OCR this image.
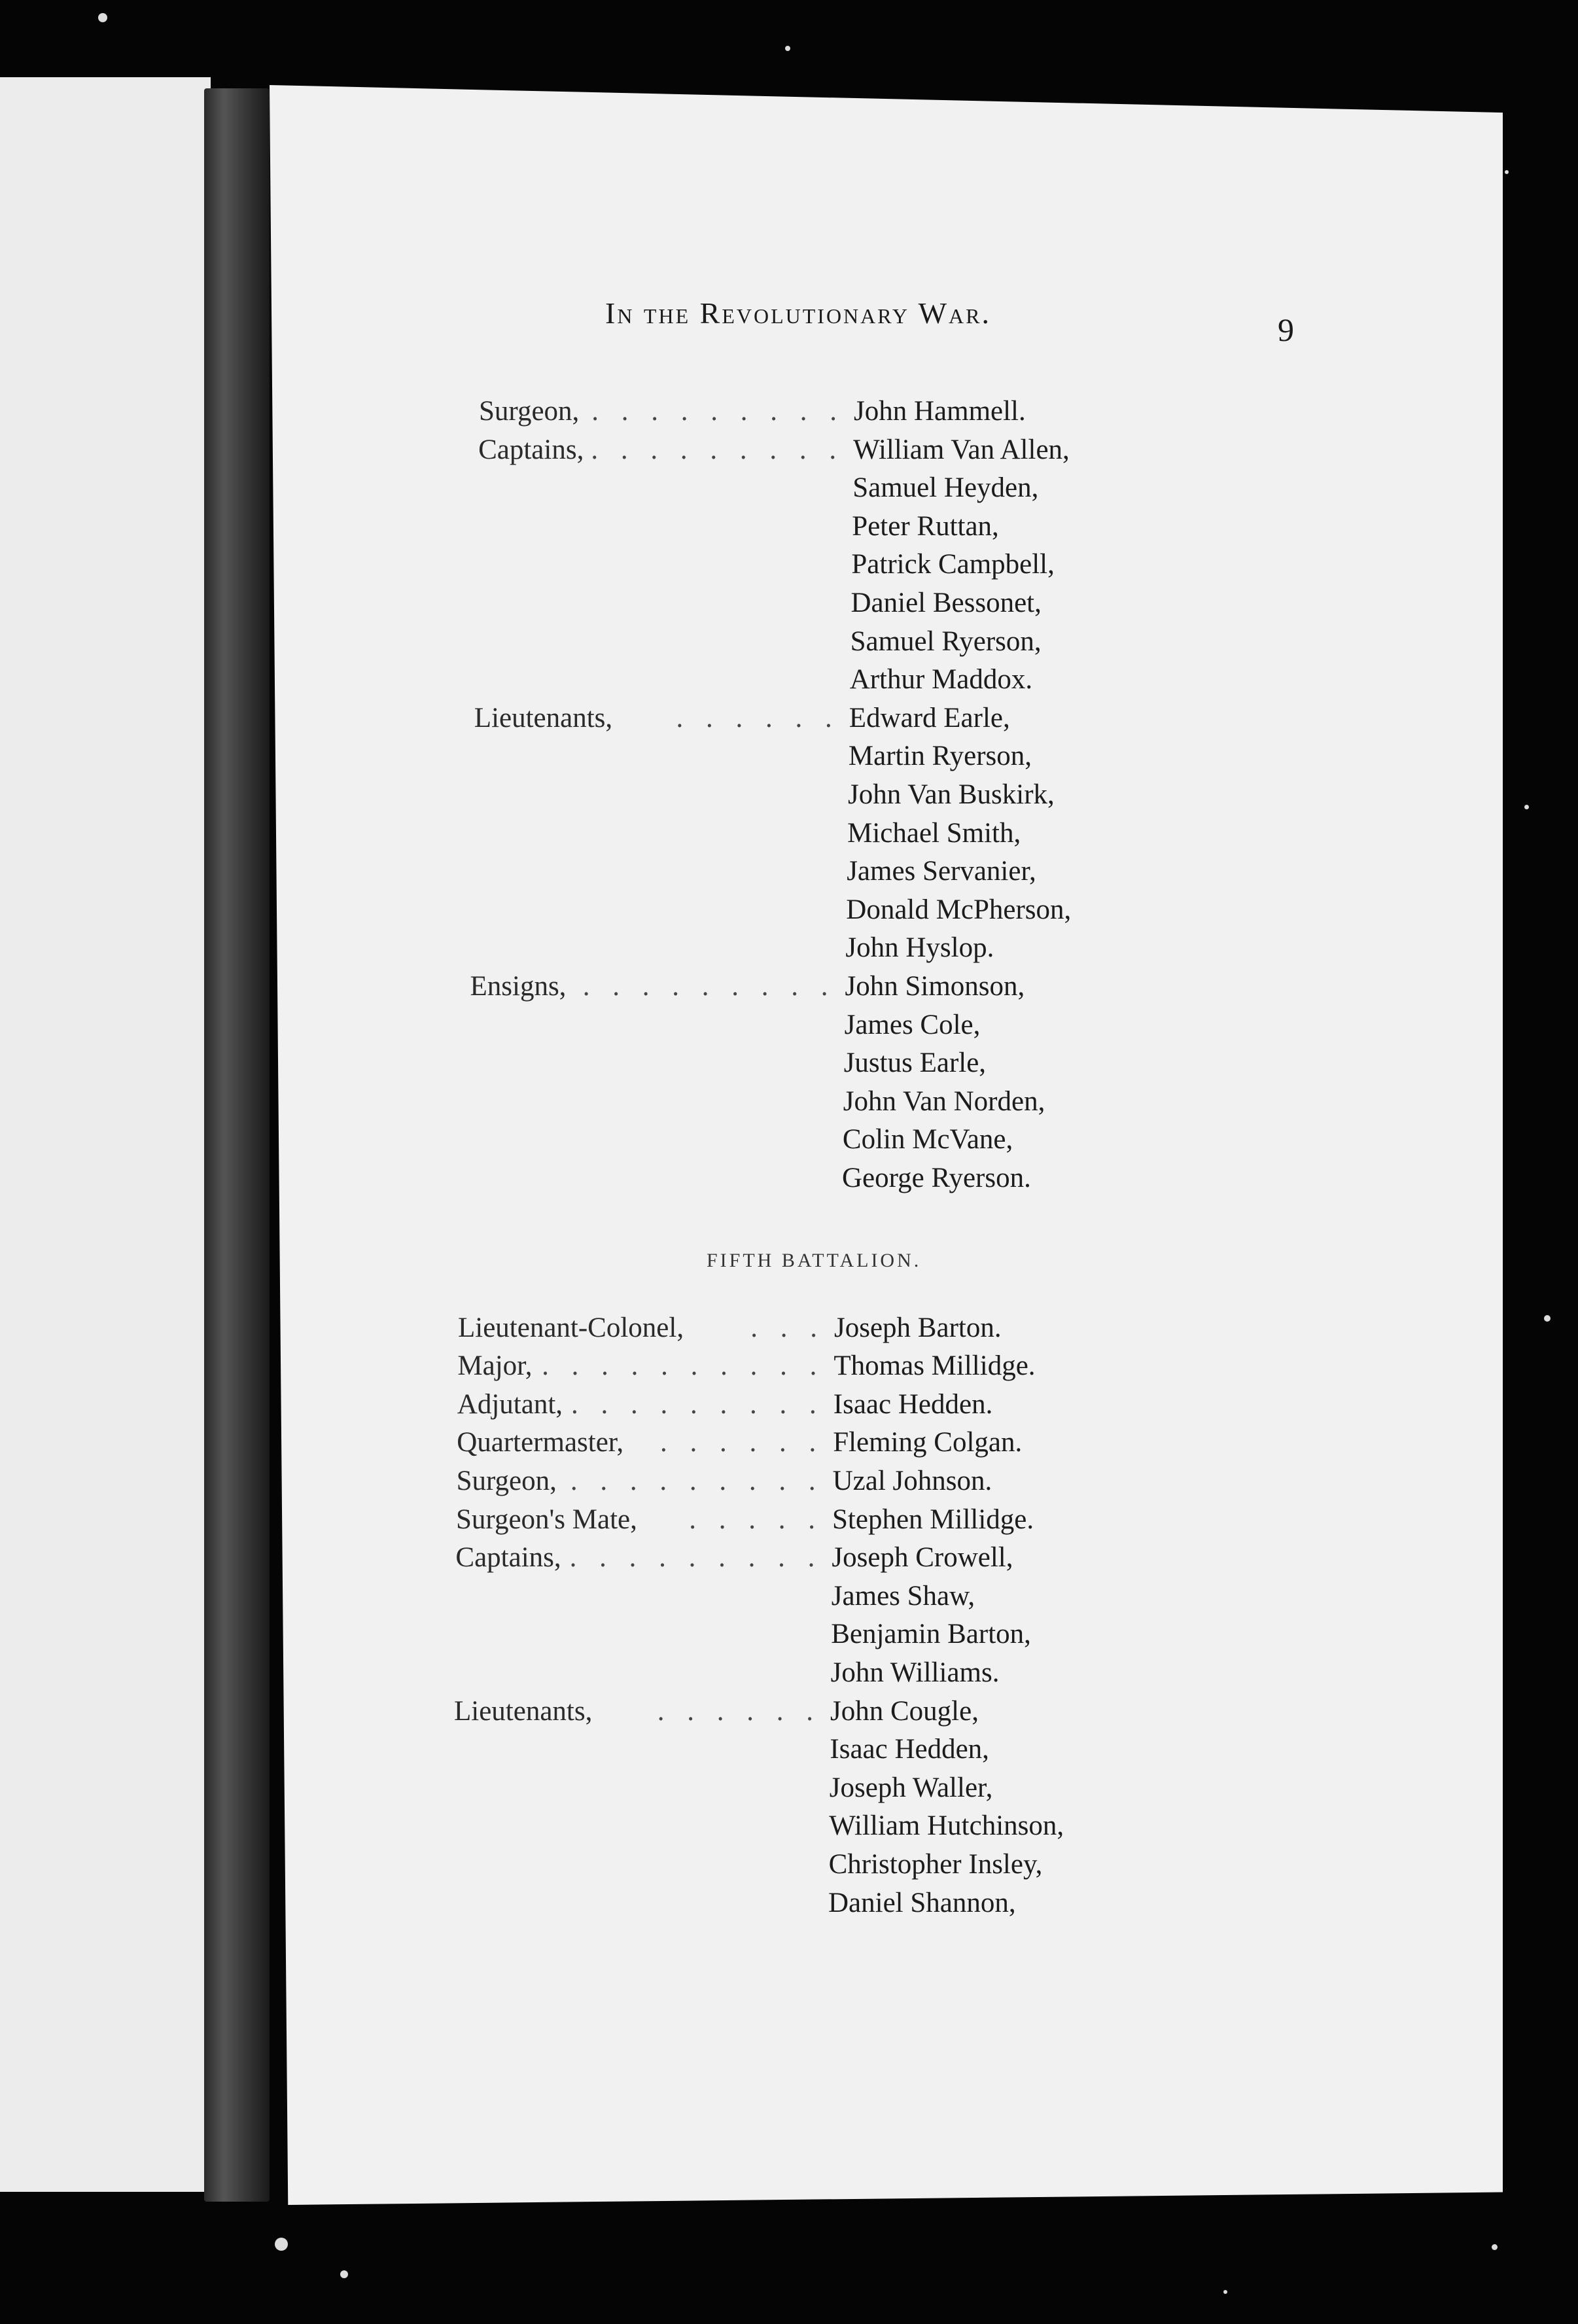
In the Revolutionary War.	9
FIFTH BATTALION.
Surgeon, . . . . . . . . . John Hammell.
Captains, . . . . . . . . . William Van Allen,
Samuel Heyden,
Peter Ruttan,
Patrick Campbell,
Daniel Bessonet,
Samuel Ryerson,
Arthur Maddox.
Lieutenants, . . . . . . Edward Earle,
Martin Ryerson,
John Van Buskirk,
Michael Smith,
James Servanier,
Donald McPherson,
John Hyslop.
Ensigns, . . . . . . . . . John Simonson,
James Cole,
Justus Earle,
John Van Norden,
Colin McVane,
George Ryerson.
Lieutenant-Colonel, . . . Joseph Barton.
Major, . . . . . . . . . . Thomas Millidge.
Adjutant, . . . . . . . . . Isaac Hedden.
Quartermaster, . . . . . . Fleming Colgan.
Surgeon, . . . . . . . . . Uzal Johnson.
Surgeon's Mate, . . . . . Stephen Millidge.
Captains, . . . . . . . . . Joseph Crowell,
James Shaw,
Benjamin Barton,
John Williams.
Lieutenants, . . . . . . John Cougle,
Isaac Hedden,
Joseph Waller,
William Hutchinson,
Christopher Insley,
Daniel Shannon,
